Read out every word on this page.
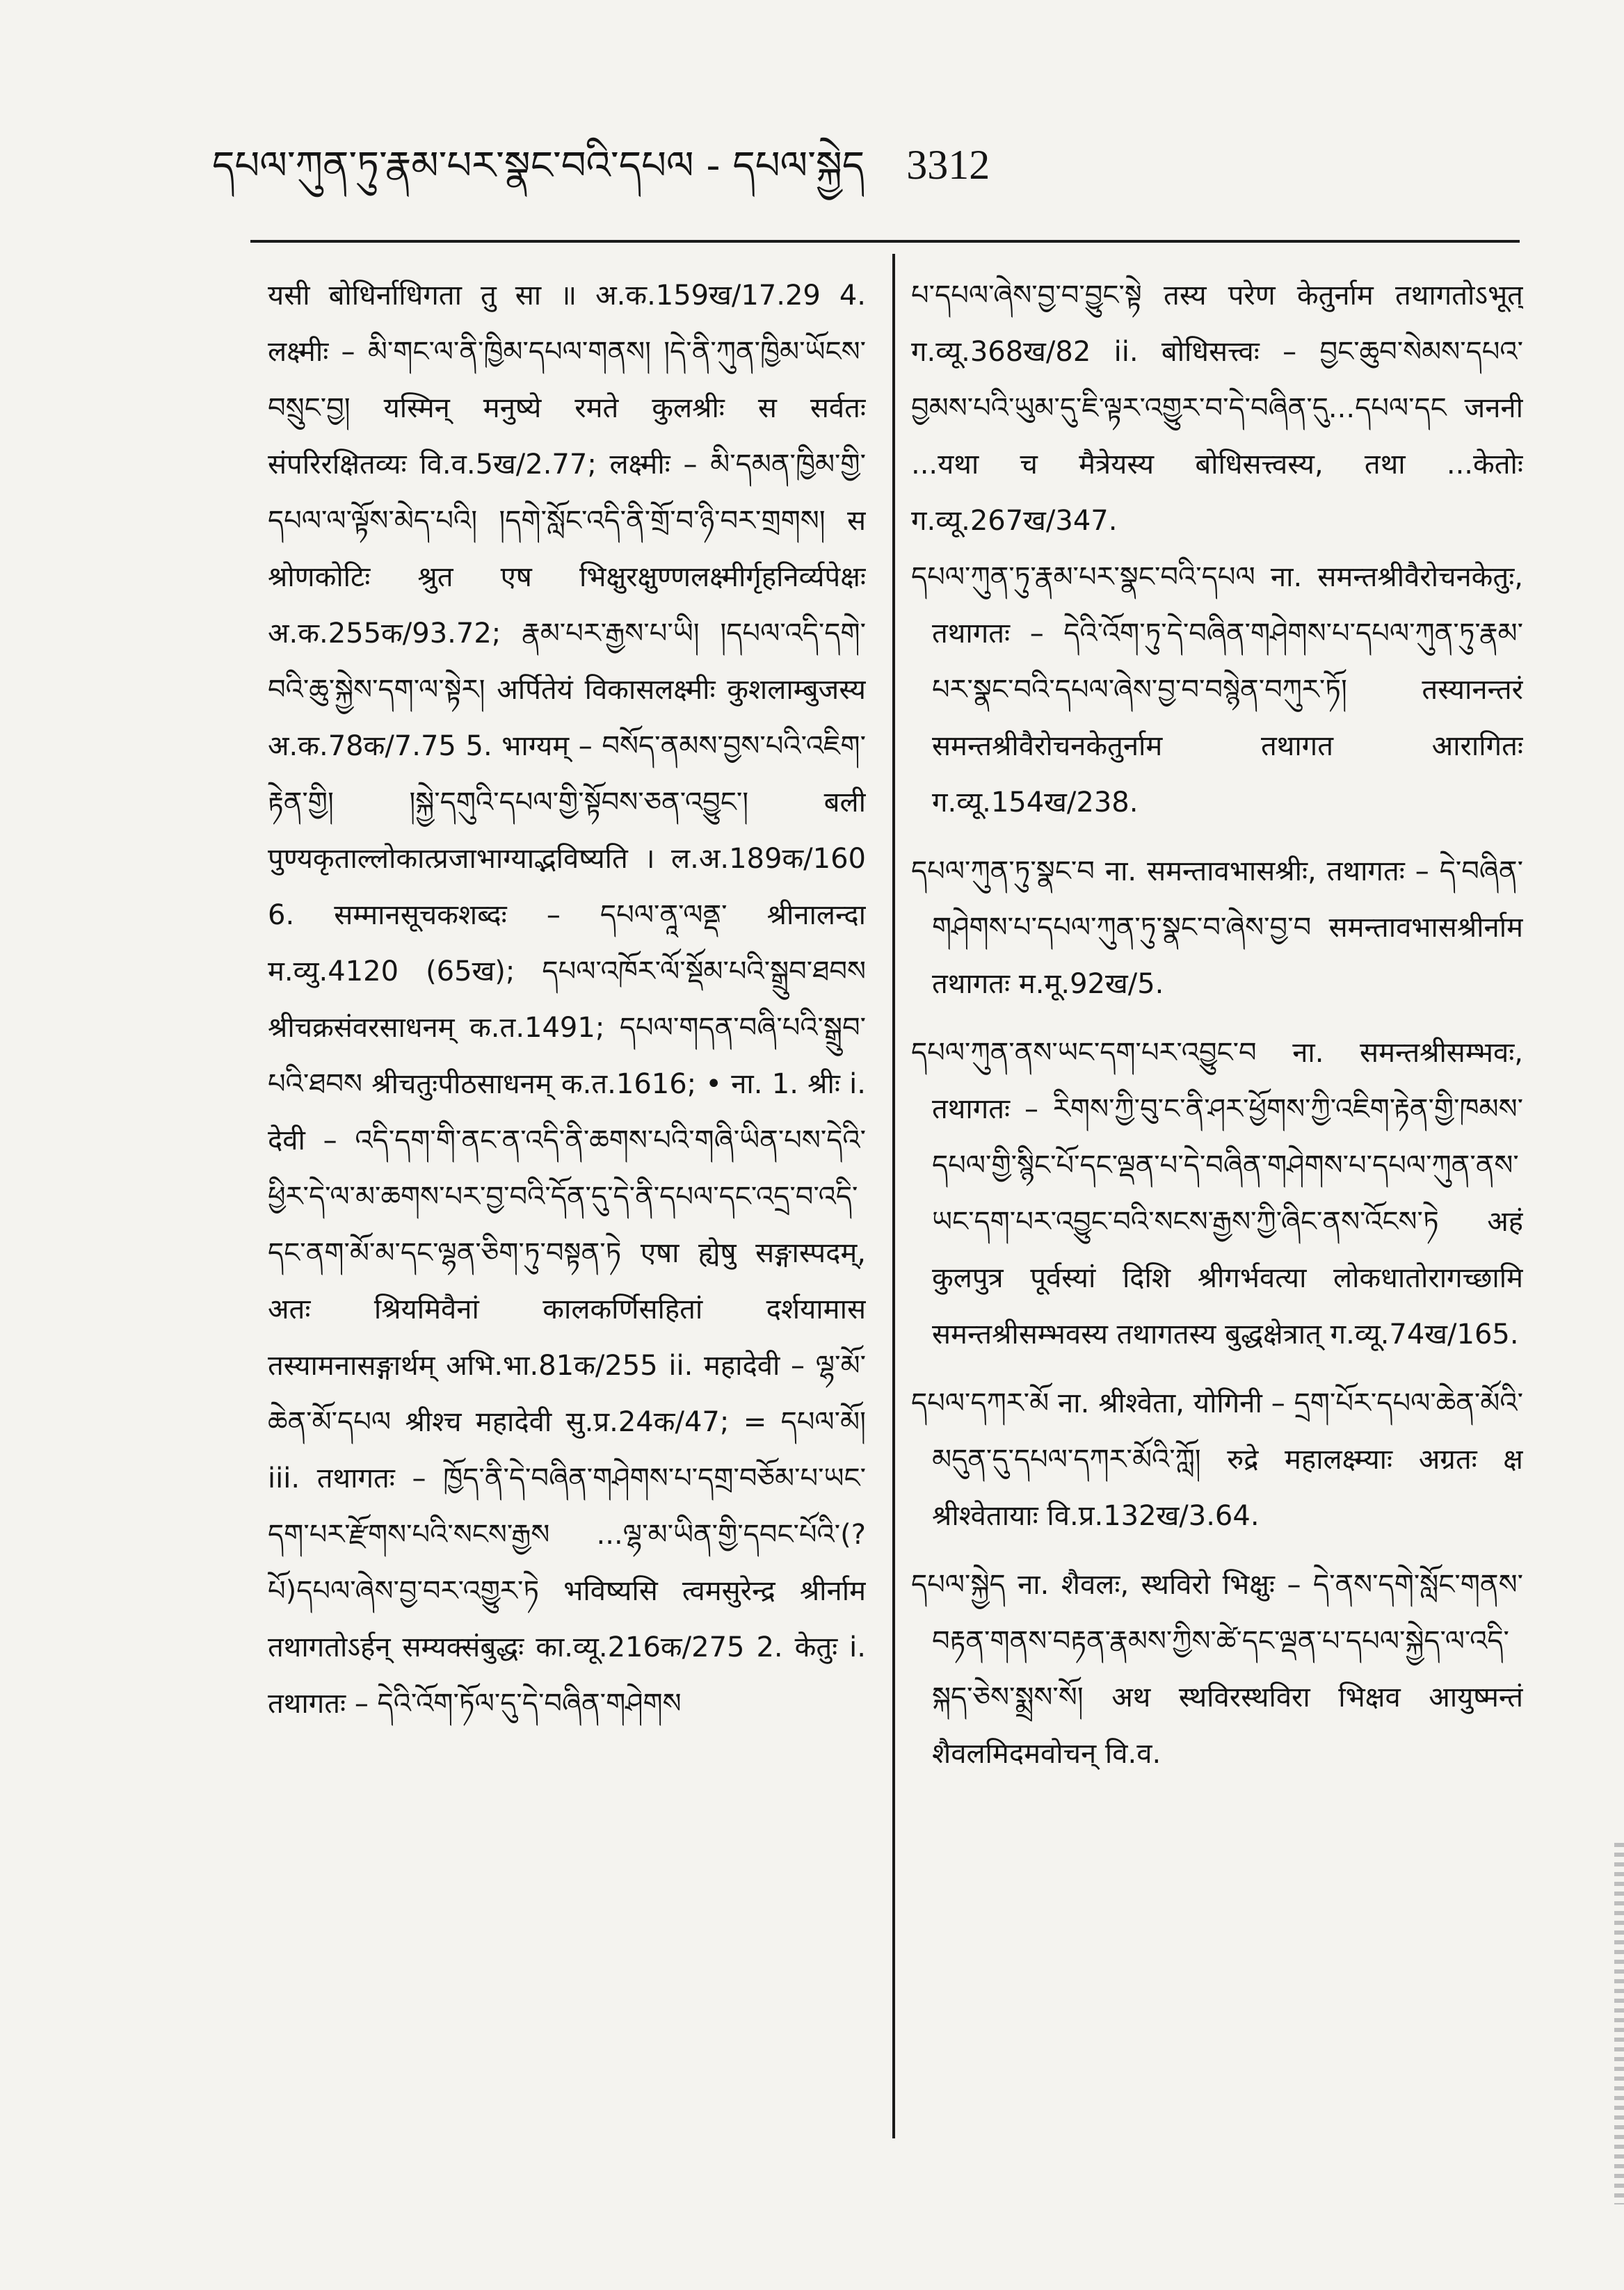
དཔལ་ཀུན་ཏུ་རྣམ་པར་སྣང་བའི་དཔལ - དཔལ་སྐྱེད 3312

यसी बोधिर्नाधिगता तु सा ॥ अ.क.159ख/17.29 4. लक्ष्मीः – མི་གང་ལ་ནི་ཁྱིམ་དཔལ་གནས། །དེ་ནི་ཀུན་ཁྱིམ་ཡོངས་བསྲུང་བྱ། यस्मिन् मनुष्ये रमते कुलश्रीः स सर्वतः संपरिरक्षितव्यः वि.व.5ख/2.77; लक्ष्मीः – མི་དམན་ཁྱིམ་གྱི་དཔལ་ལ་ལྟོས་མེད་པའི། །དགེ་སློང་འདི་ནི་གྲོ་བ་ཉི་བར་གྲགས། स श्रोणकोटिः श्रुत एष भिक्षुरक्षुण्णलक्ष्मीर्गृहनिर्व्यपेक्षः अ.क.255क/93.72; རྣམ་པར་རྒྱས་པ་ཡི། །དཔལ་འདི་དགེ་བའི་ཆུ་སྐྱེས་དག་ལ་སྟེར། अर्पितेयं विकासलक्ष्मीः कुशलाम्बुजस्य अ.क.78क/7.75 5. भाग्यम् – བསོད་ནམས་བྱས་པའི་འཇིག་རྟེན་གྱི། །སྐྱེ་དགུའི་དཔལ་གྱི་སྟོབས་ཅན་འབྱུང་། बली पुण्यकृताल्लोकात्प्रजाभाग्याद्भविष्यति । ल.अ.189क/160 6. सम्मानसूचकशब्दः – དཔལ་ནཱ་ལནྡ་ श्रीनालन्दा म.व्यु.4120 (65ख); དཔལ་འཁོར་ལོ་སྡོམ་པའི་སྒྲུབ་ཐབས श्रीचक्रसंवरसाधनम् क.त.1491; དཔལ་གདན་བཞི་པའི་སྒྲུབ་པའི་ཐབས श्रीचतुःपीठसाधनम् क.त.1616; • ना. 1. श्रीः i. देवी – འདི་དག་གི་ནང་ན་འདི་ནི་ཆགས་པའི་གཞི་ཡིན་པས་དེའི་ཕྱིར་དེ་ལ་མ་ཆགས་པར་བྱ་བའི་དོན་དུ་དེ་ནི་དཔལ་དང་འདྲ་བ་འདི་དང་ནག་མོ་མ་དང་ལྷན་ཅིག་ཏུ་བསྟན་ཏེ एषा ह्येषु सङ्गास्पदम्, अतः श्रियमिवैनां कालकर्णिसहितां दर्शयामास तस्यामनासङ्गार्थम् अभि.भा.81क/255 ii. महादेवी – ལྷ་མོ་ཆེན་མོ་དཔལ श्रीश्च महादेवी सु.प्र.24क/47; = དཔལ་མོ། iii. तथागतः – ཁྱོད་ནི་དེ་བཞིན་གཤེགས་པ་དགྲ་བཅོམ་པ་ཡང་དག་པར་རྫོགས་པའི་སངས་རྒྱས ...ལྷ་མ་ཡིན་གྱི་དབང་པོའི་(?པོ)དཔལ་ཞེས་བྱ་བར་འགྱུར་ཏེ भविष्यसि त्वमसुरेन्द्र श्रीर्नाम तथागतोऽर्हन् सम्यक्संबुद्धः का.व्यू.216क/275 2. केतुः i. तथागतः – དེའི་འོག་ཏོལ་དུ་དེ་བཞིན་གཤེགས

པ་དཔལ་ཞེས་བྱ་བ་བྱུང་སྟེ तस्य परेण केतुर्नाम तथागतोऽभूत् ग.व्यू.368ख/82 ii. बोधिसत्त्वः – བྱང་ཆུབ་སེམས་དཔའ་བྱམས་པའི་ཡུམ་དུ་ཇི་ལྟར་འགྱུར་བ་དེ་བཞིན་དུ...དཔལ་དང जननी ...यथा च मैत्रेयस्य बोधिसत्त्वस्य, तथा ...केतोः ग.व्यू.267ख/347.

དཔལ་ཀུན་ཏུ་རྣམ་པར་སྣང་བའི་དཔལ ना. समन्तश्रीवैरोचनकेतुः, तथागतः – དེའི་འོག་ཏུ་དེ་བཞིན་གཤེགས་པ་དཔལ་ཀུན་ཏུ་རྣམ་པར་སྣང་བའི་དཔལ་ཞེས་བྱ་བ་བསྙེན་བཀུར་ཏོ། तस्यानन्तरं समन्तश्रीवैरोचनकेतुर्नाम तथागत आरागितः ग.व्यू.154ख/238.

དཔལ་ཀུན་ཏུ་སྣང་བ ना. समन्तावभासश्रीः, तथागतः – དེ་བཞིན་གཤེགས་པ་དཔལ་ཀུན་ཏུ་སྣང་བ་ཞེས་བྱ་བ समन्तावभासश्रीर्नाम तथागतः म.मू.92ख/5.

དཔལ་ཀུན་ནས་ཡང་དག་པར་འབྱུང་བ ना. समन्तश्रीसम्भवः, तथागतः – རིགས་ཀྱི་བུ་ང་ནི་ཤར་ཕྱོགས་ཀྱི་འཇིག་རྟེན་གྱི་ཁམས་དཔལ་གྱི་སྙིང་པོ་དང་ལྡན་པ་དེ་བཞིན་གཤེགས་པ་དཔལ་ཀུན་ནས་ཡང་དག་པར་འབྱུང་བའི་སངས་རྒྱས་ཀྱི་ཞིང་ནས་འོངས་ཏེ अहं कुलपुत्र पूर्वस्यां दिशि श्रीगर्भवत्या लोकधातोरागच्छामि समन्तश्रीसम्भवस्य तथागतस्य बुद्धक्षेत्रात् ग.व्यू.74ख/165.

དཔལ་དཀར་མོ ना. श्रीश्वेता, योगिनी – དྲག་པོར་དཔལ་ཆེན་མོའི་མདུན་དུ་དཔལ་དཀར་མོའི་ཀློ། रुद्रे महालक्ष्म्याः अग्रतः क्ष श्रीश्वेतायाः वि.प्र.132ख/3.64.

དཔལ་སྐྱེད ना. शैवलः, स्थविरो भिक्षुः – དེ་ནས་དགེ་སློང་གནས་བརྟན་གནས་བརྟན་རྣམས་ཀྱིས་ཚེ་དང་ལྡན་པ་དཔལ་སྐྱེད་ལ་འདི་སྐད་ཅེས་སྨྲས་སོ། अथ स्थविरस्थविरा भिक्षव आयुष्मन्तं शैवलमिदमवोचन् वि.व.
